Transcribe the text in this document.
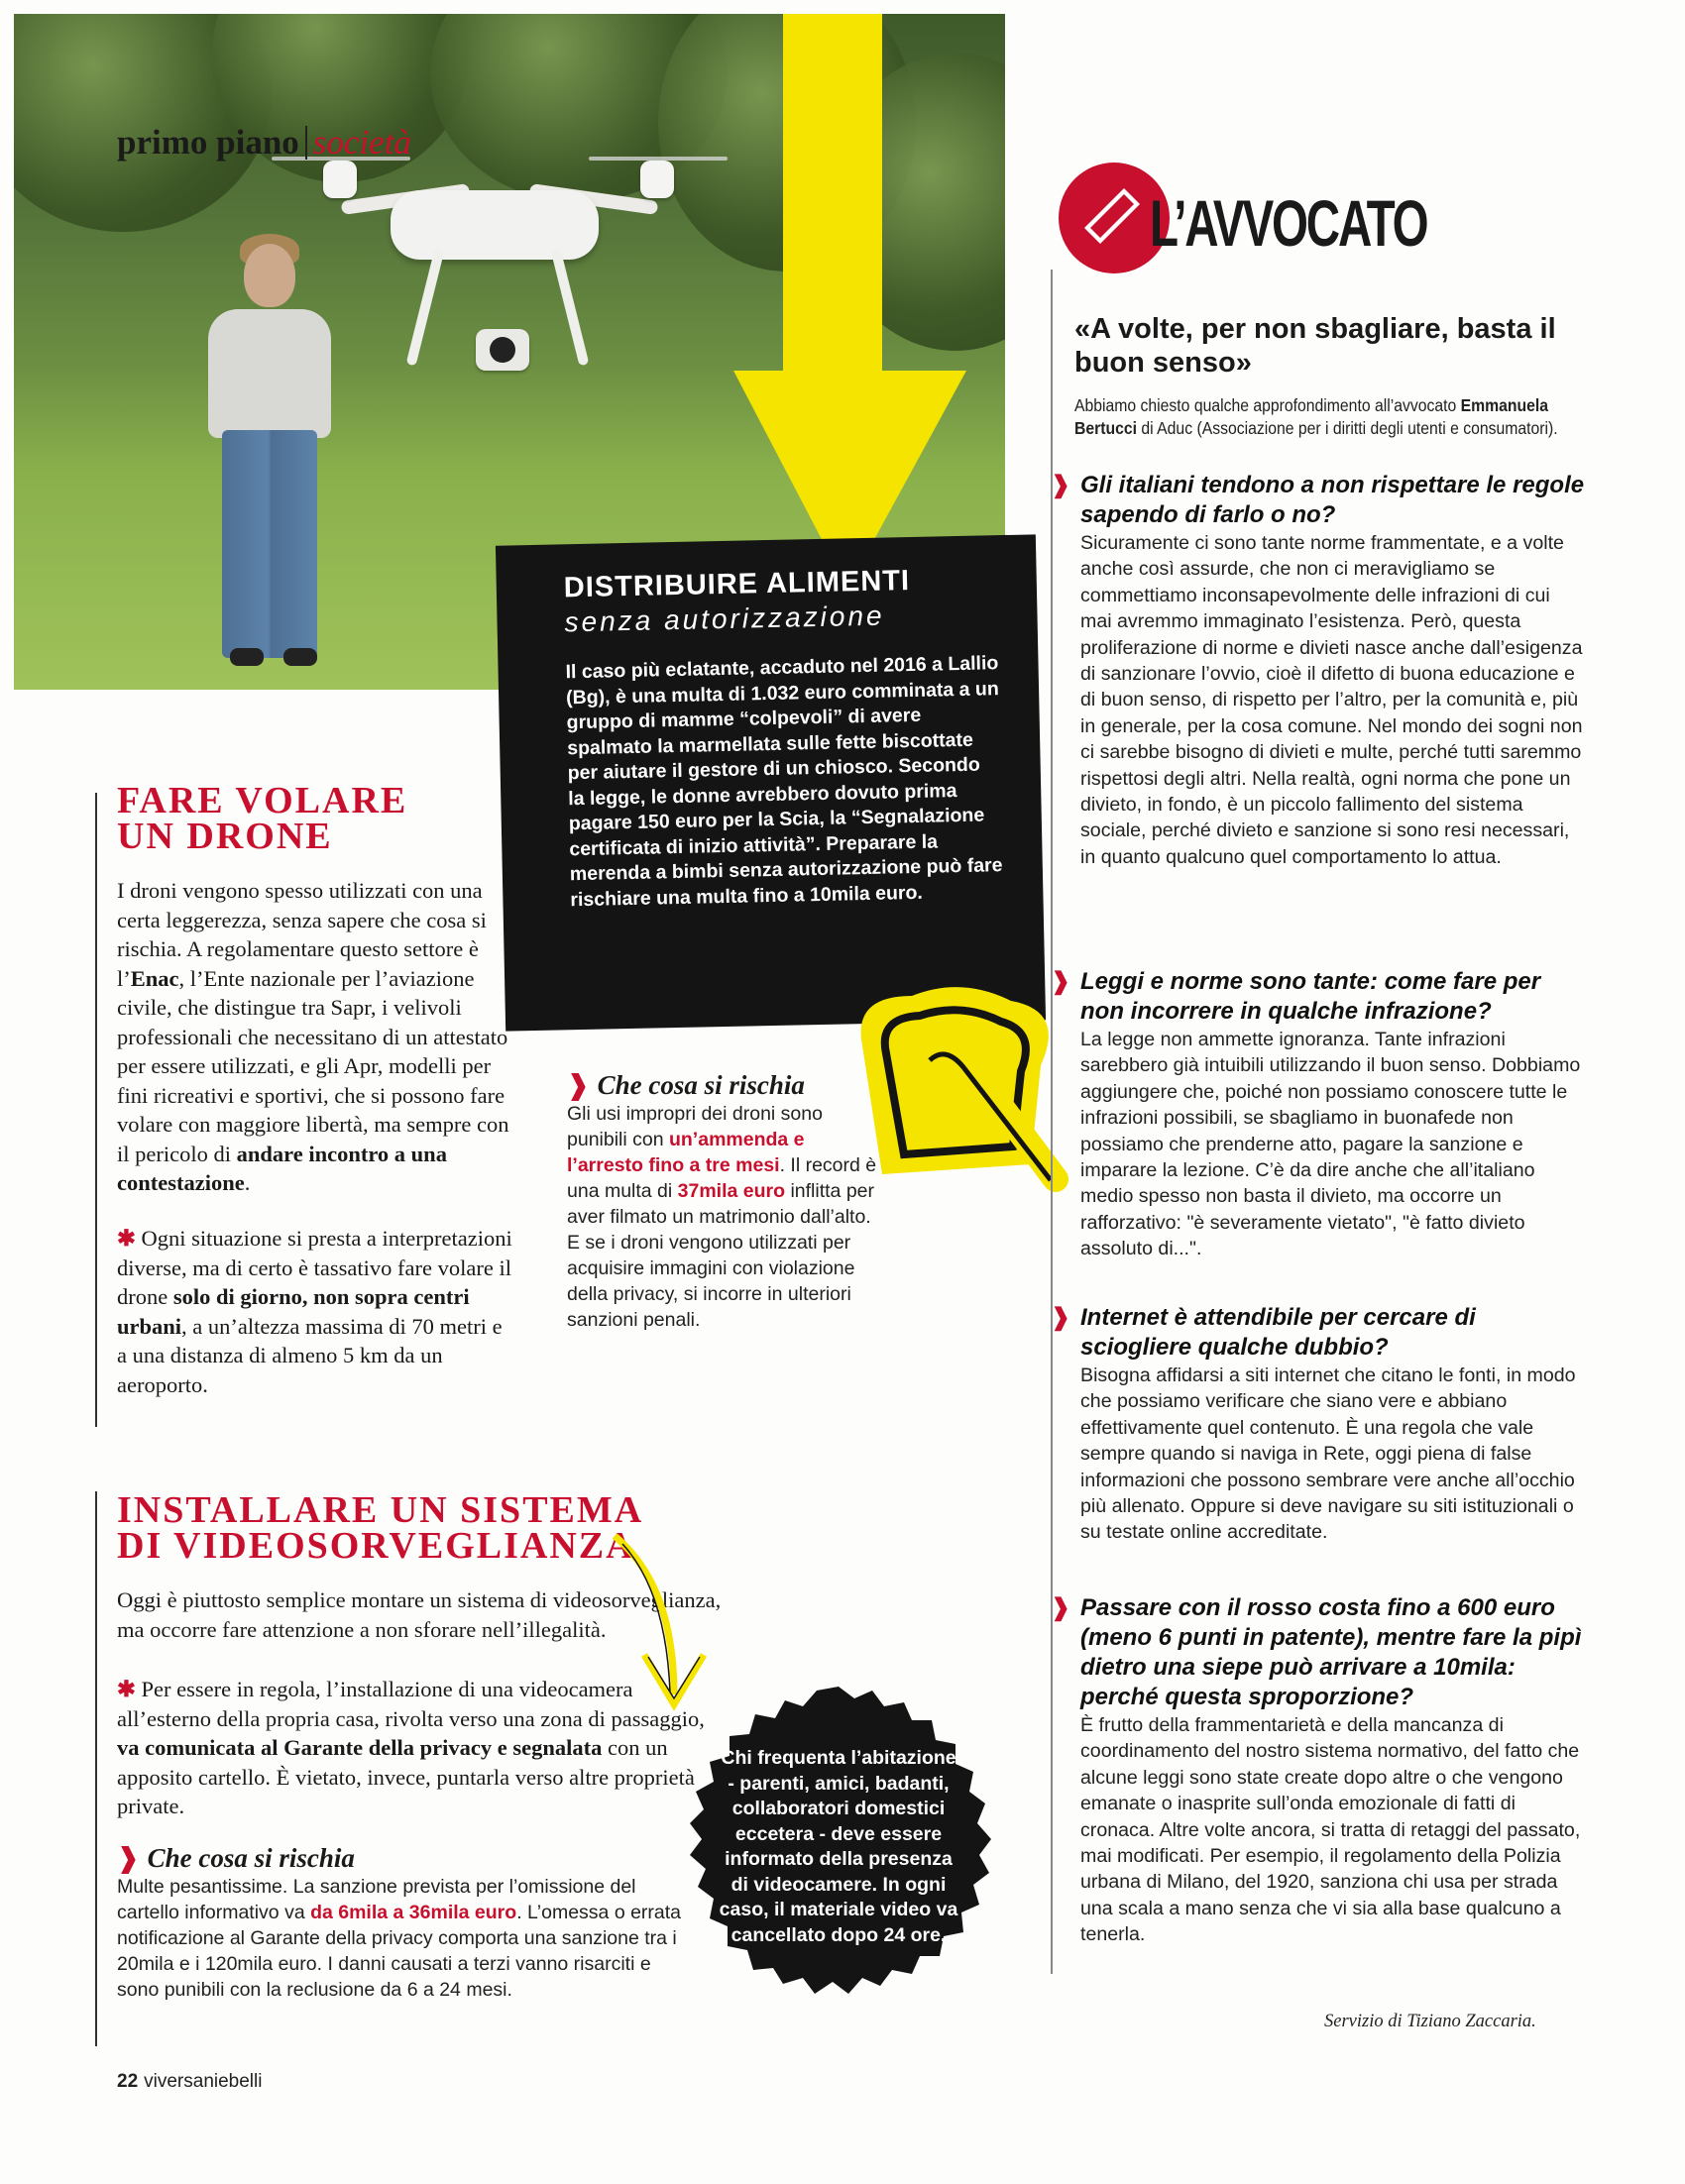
primo piano società
DISTRIBUIRE ALIMENTI
senza autorizzazione
Il caso più eclatante, accaduto nel 2016 a Lallio (Bg), è una multa di 1.032 euro comminata a un gruppo di mamme “colpevoli” di avere spalmato la marmellata sulle fette biscottate per aiutare il gestore di un chiosco. Secondo la legge, le donne avrebbero dovuto prima pagare 150 euro per la Scia, la “Segnalazione certificata di inizio attività”. Preparare la merenda a bimbi senza autorizzazione può fare rischiare una multa fino a 10mila euro.
FARE VOLARE
UN DRONE
I droni vengono spesso utilizzati con una certa leggerezza, senza sapere che cosa si rischia. A regolamentare questo settore è l’Enac, l’Ente nazionale per l’aviazione civile, che distingue tra Sapr, i velivoli professionali che necessitano di un attestato per essere utilizzati, e gli Apr, modelli per fini ricreativi e sportivi, che si possono fare volare con maggiore libertà, ma sempre con il pericolo di andare incontro a una contestazione.
✱ Ogni situazione si presta a interpretazioni diverse, ma di certo è tassativo fare volare il drone solo di giorno, non sopra centri urbani, a un’altezza massima di 70 metri e a una distanza di almeno 5 km da un aeroporto.
❱ Che cosa si rischia
Gli usi impropri dei droni sono punibili con un’ammenda e l’arresto fino a tre mesi. Il record è una multa di 37mila euro inflitta per aver filmato un matrimonio dall’alto. E se i droni vengono utilizzati per acquisire immagini con violazione della privacy, si incorre in ulteriori sanzioni penali.
INSTALLARE UN SISTEMA
DI VIDEOSORVEGLIANZA
Oggi è piuttosto semplice montare un sistema di videosorveglianza, ma occorre fare attenzione a non sforare nell’illegalità.
✱ Per essere in regola, l’installazione di una videocamera all’esterno della propria casa, rivolta verso una zona di passaggio, va comunicata al Garante della privacy e segnalata con un apposito cartello. È vietato, invece, puntarla verso altre proprietà private.
❱ Che cosa si rischia
Multe pesantissime. La sanzione prevista per l’omissione del cartello informativo va da 6mila a 36mila euro. L’omessa o errata notificazione al Garante della privacy comporta una sanzione tra i 20mila e i 120mila euro. I danni causati a terzi vanno risarciti e sono punibili con la reclusione da 6 a 24 mesi.
Chi frequenta l’abitazione - parenti, amici, badanti, collaboratori domestici eccetera - deve essere informato della presenza di videocamere. In ogni caso, il materiale video va cancellato dopo 24 ore.
22 viversaniebelli
L’AVVOCATO
«A volte, per non sbagliare, basta il buon senso»
Abbiamo chiesto qualche approfondimento all’avvocato Emmanuela Bertucci di Aduc (Associazione per i diritti degli utenti e consumatori).
❱ Gli italiani tendono a non rispettare le regole sapendo di farlo o no?
Sicuramente ci sono tante norme frammentate, e a volte anche così assurde, che non ci meravigliamo se commettiamo inconsapevolmente delle infrazioni di cui mai avremmo immaginato l’esistenza. Però, questa proliferazione di norme e divieti nasce anche dall’esigenza di sanzionare l’ovvio, cioè il difetto di buona educazione e di buon senso, di rispetto per l’altro, per la comunità e, più in generale, per la cosa comune. Nel mondo dei sogni non ci sarebbe bisogno di divieti e multe, perché tutti saremmo rispettosi degli altri. Nella realtà, ogni norma che pone un divieto, in fondo, è un piccolo fallimento del sistema sociale, perché divieto e sanzione si sono resi necessari, in quanto qualcuno quel comportamento lo attua.
❱ Leggi e norme sono tante: come fare per non incorrere in qualche infrazione?
La legge non ammette ignoranza. Tante infrazioni sarebbero già intuibili utilizzando il buon senso. Dobbiamo aggiungere che, poiché non possiamo conoscere tutte le infrazioni possibili, se sbagliamo in buonafede non possiamo che prenderne atto, pagare la sanzione e imparare la lezione. C’è da dire anche che all’italiano medio spesso non basta il divieto, ma occorre un rafforzativo: "è severamente vietato", "è fatto divieto assoluto di...".
❱ Internet è attendibile per cercare di sciogliere qualche dubbio?
Bisogna affidarsi a siti internet che citano le fonti, in modo che possiamo verificare che siano vere e abbiano effettivamente quel contenuto. È una regola che vale sempre quando si naviga in Rete, oggi piena di false informazioni che possono sembrare vere anche all’occhio più allenato. Oppure si deve navigare su siti istituzionali o su testate online accreditate.
❱ Passare con il rosso costa fino a 600 euro (meno 6 punti in patente), mentre fare la pipì dietro una siepe può arrivare a 10mila: perché questa sproporzione?
È frutto della frammentarietà e della mancanza di coordinamento del nostro sistema normativo, del fatto che alcune leggi sono state create dopo altre o che vengono emanate o inasprite sull’onda emozionale di fatti di cronaca. Altre volte ancora, si tratta di retaggi del passato, mai modificati. Per esempio, il regolamento della Polizia urbana di Milano, del 1920, sanziona chi usa per strada una scala a mano senza che vi sia alla base qualcuno a tenerla.
Servizio di Tiziano Zaccaria.
